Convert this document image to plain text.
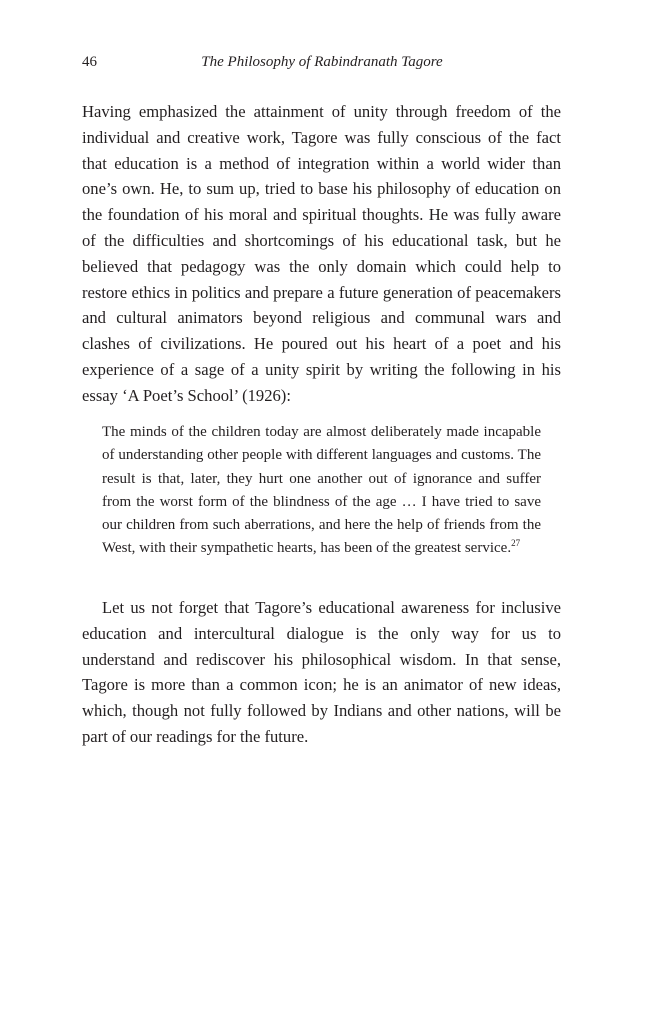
46	The Philosophy of Rabindranath Tagore

Having emphasized the attainment of unity through freedom of the individual and creative work, Tagore was fully conscious of the fact that education is a method of integration within a world wider than one’s own. He, to sum up, tried to base his philosophy of education on the foundation of his moral and spiritual thoughts. He was fully aware of the difficulties and shortcomings of his educational task, but he believed that pedagogy was the only domain which could help to restore ethics in politics and prepare a future generation of peacemakers and cultural animators beyond religious and communal wars and clashes of civilizations. He poured out his heart of a poet and his experience of a sage of a unity spirit by writing the following in his essay ‘A Poet’s School’ (1926):

The minds of the children today are almost deliberately made incapable of understanding other people with different languages and customs. The result is that, later, they hurt one another out of ignorance and suffer from the worst form of the blindness of the age … I have tried to save our children from such aberrations, and here the help of friends from the West, with their sympathetic hearts, has been of the greatest service.$^{27}$

Let us not forget that Tagore’s educational awareness for inclusive education and intercultural dialogue is the only way for us to understand and rediscover his philosophical wisdom. In that sense, Tagore is more than a common icon; he is an animator of new ideas, which, though not fully followed by Indians and other nations, will be part of our readings for the future.
